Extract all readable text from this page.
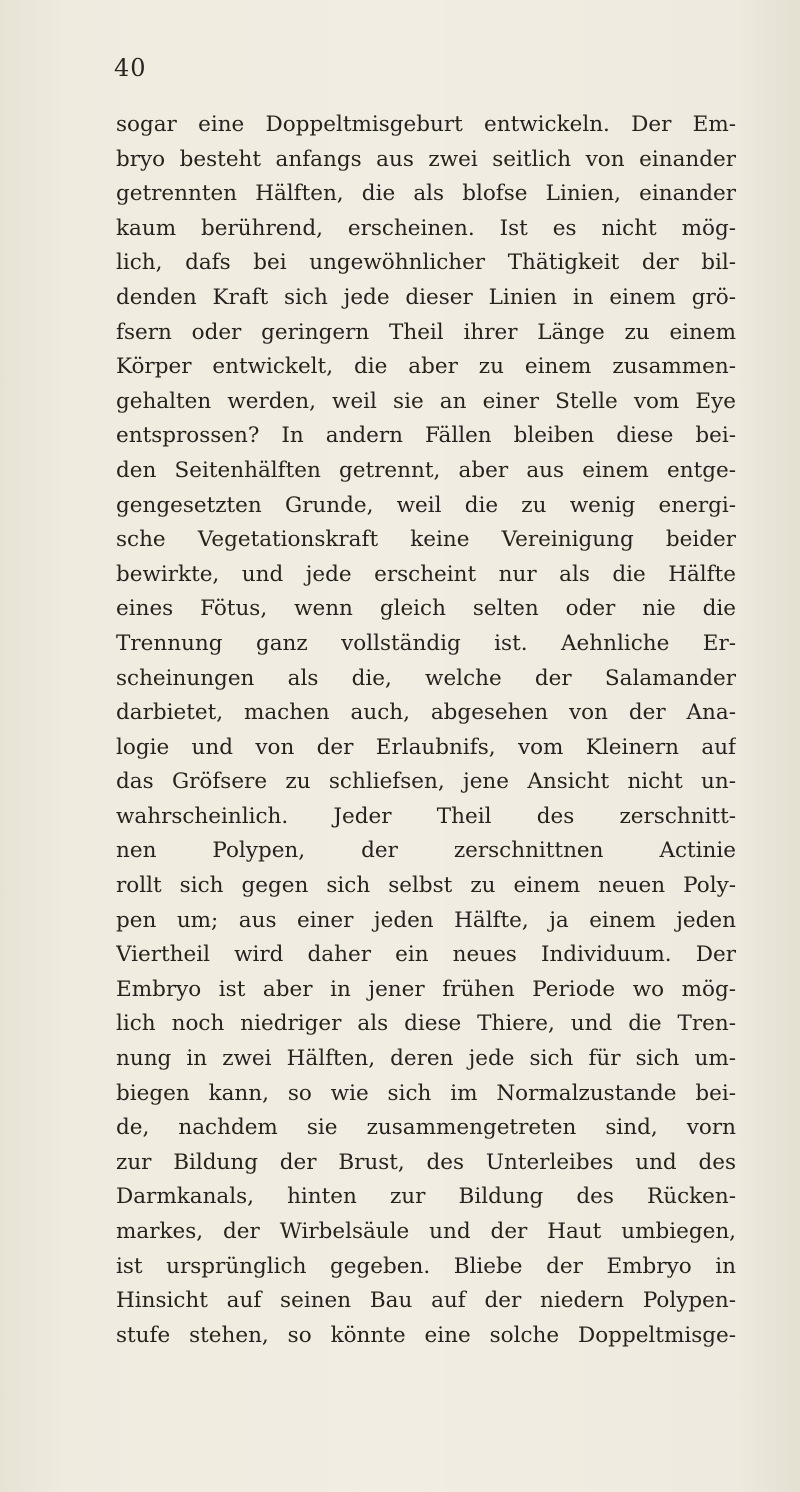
40
sogar eine Doppeltmisgeburt entwickeln. Der Em-
bryo besteht anfangs aus zwei seitlich von einander
getrennten Hälften, die als blofse Linien, einander
kaum berührend, erscheinen. Ist es nicht mög-
lich, dafs bei ungewöhnlicher Thätigkeit der bil-
denden Kraft sich jede dieser Linien in einem grö-
fsern oder geringern Theil ihrer Länge zu einem
Körper entwickelt, die aber zu einem zusammen-
gehalten werden, weil sie an einer Stelle vom Eye
entsprossen? In andern Fällen bleiben diese bei-
den Seitenhälften getrennt, aber aus einem entge-
gengesetzten Grunde, weil die zu wenig energi-
sche Vegetationskraft keine Vereinigung beider
bewirkte, und jede erscheint nur als die Hälfte
eines Fötus, wenn gleich selten oder nie die
Trennung ganz vollständig ist. Aehnliche Er-
scheinungen als die, welche der Salamander
darbietet, machen auch, abgesehen von der Ana-
logie und von der Erlaubnifs, vom Kleinern auf
das Gröfsere zu schliefsen, jene Ansicht nicht un-
wahrscheinlich. Jeder Theil des zerschnitt-
nen Polypen, der zerschnittnen Actinie
rollt sich gegen sich selbst zu einem neuen Poly-
pen um; aus einer jeden Hälfte, ja einem jeden
Viertheil wird daher ein neues Individuum. Der
Embryo ist aber in jener frühen Periode wo mög-
lich noch niedriger als diese Thiere, und die Tren-
nung in zwei Hälften, deren jede sich für sich um-
biegen kann, so wie sich im Normalzustande bei-
de, nachdem sie zusammengetreten sind, vorn
zur Bildung der Brust, des Unterleibes und des
Darmkanals, hinten zur Bildung des Rücken-
markes, der Wirbelsäule und der Haut umbiegen,
ist ursprünglich gegeben. Bliebe der Embryo in
Hinsicht auf seinen Bau auf der niedern Polypen-
stufe stehen, so könnte eine solche Doppeltmisge-
